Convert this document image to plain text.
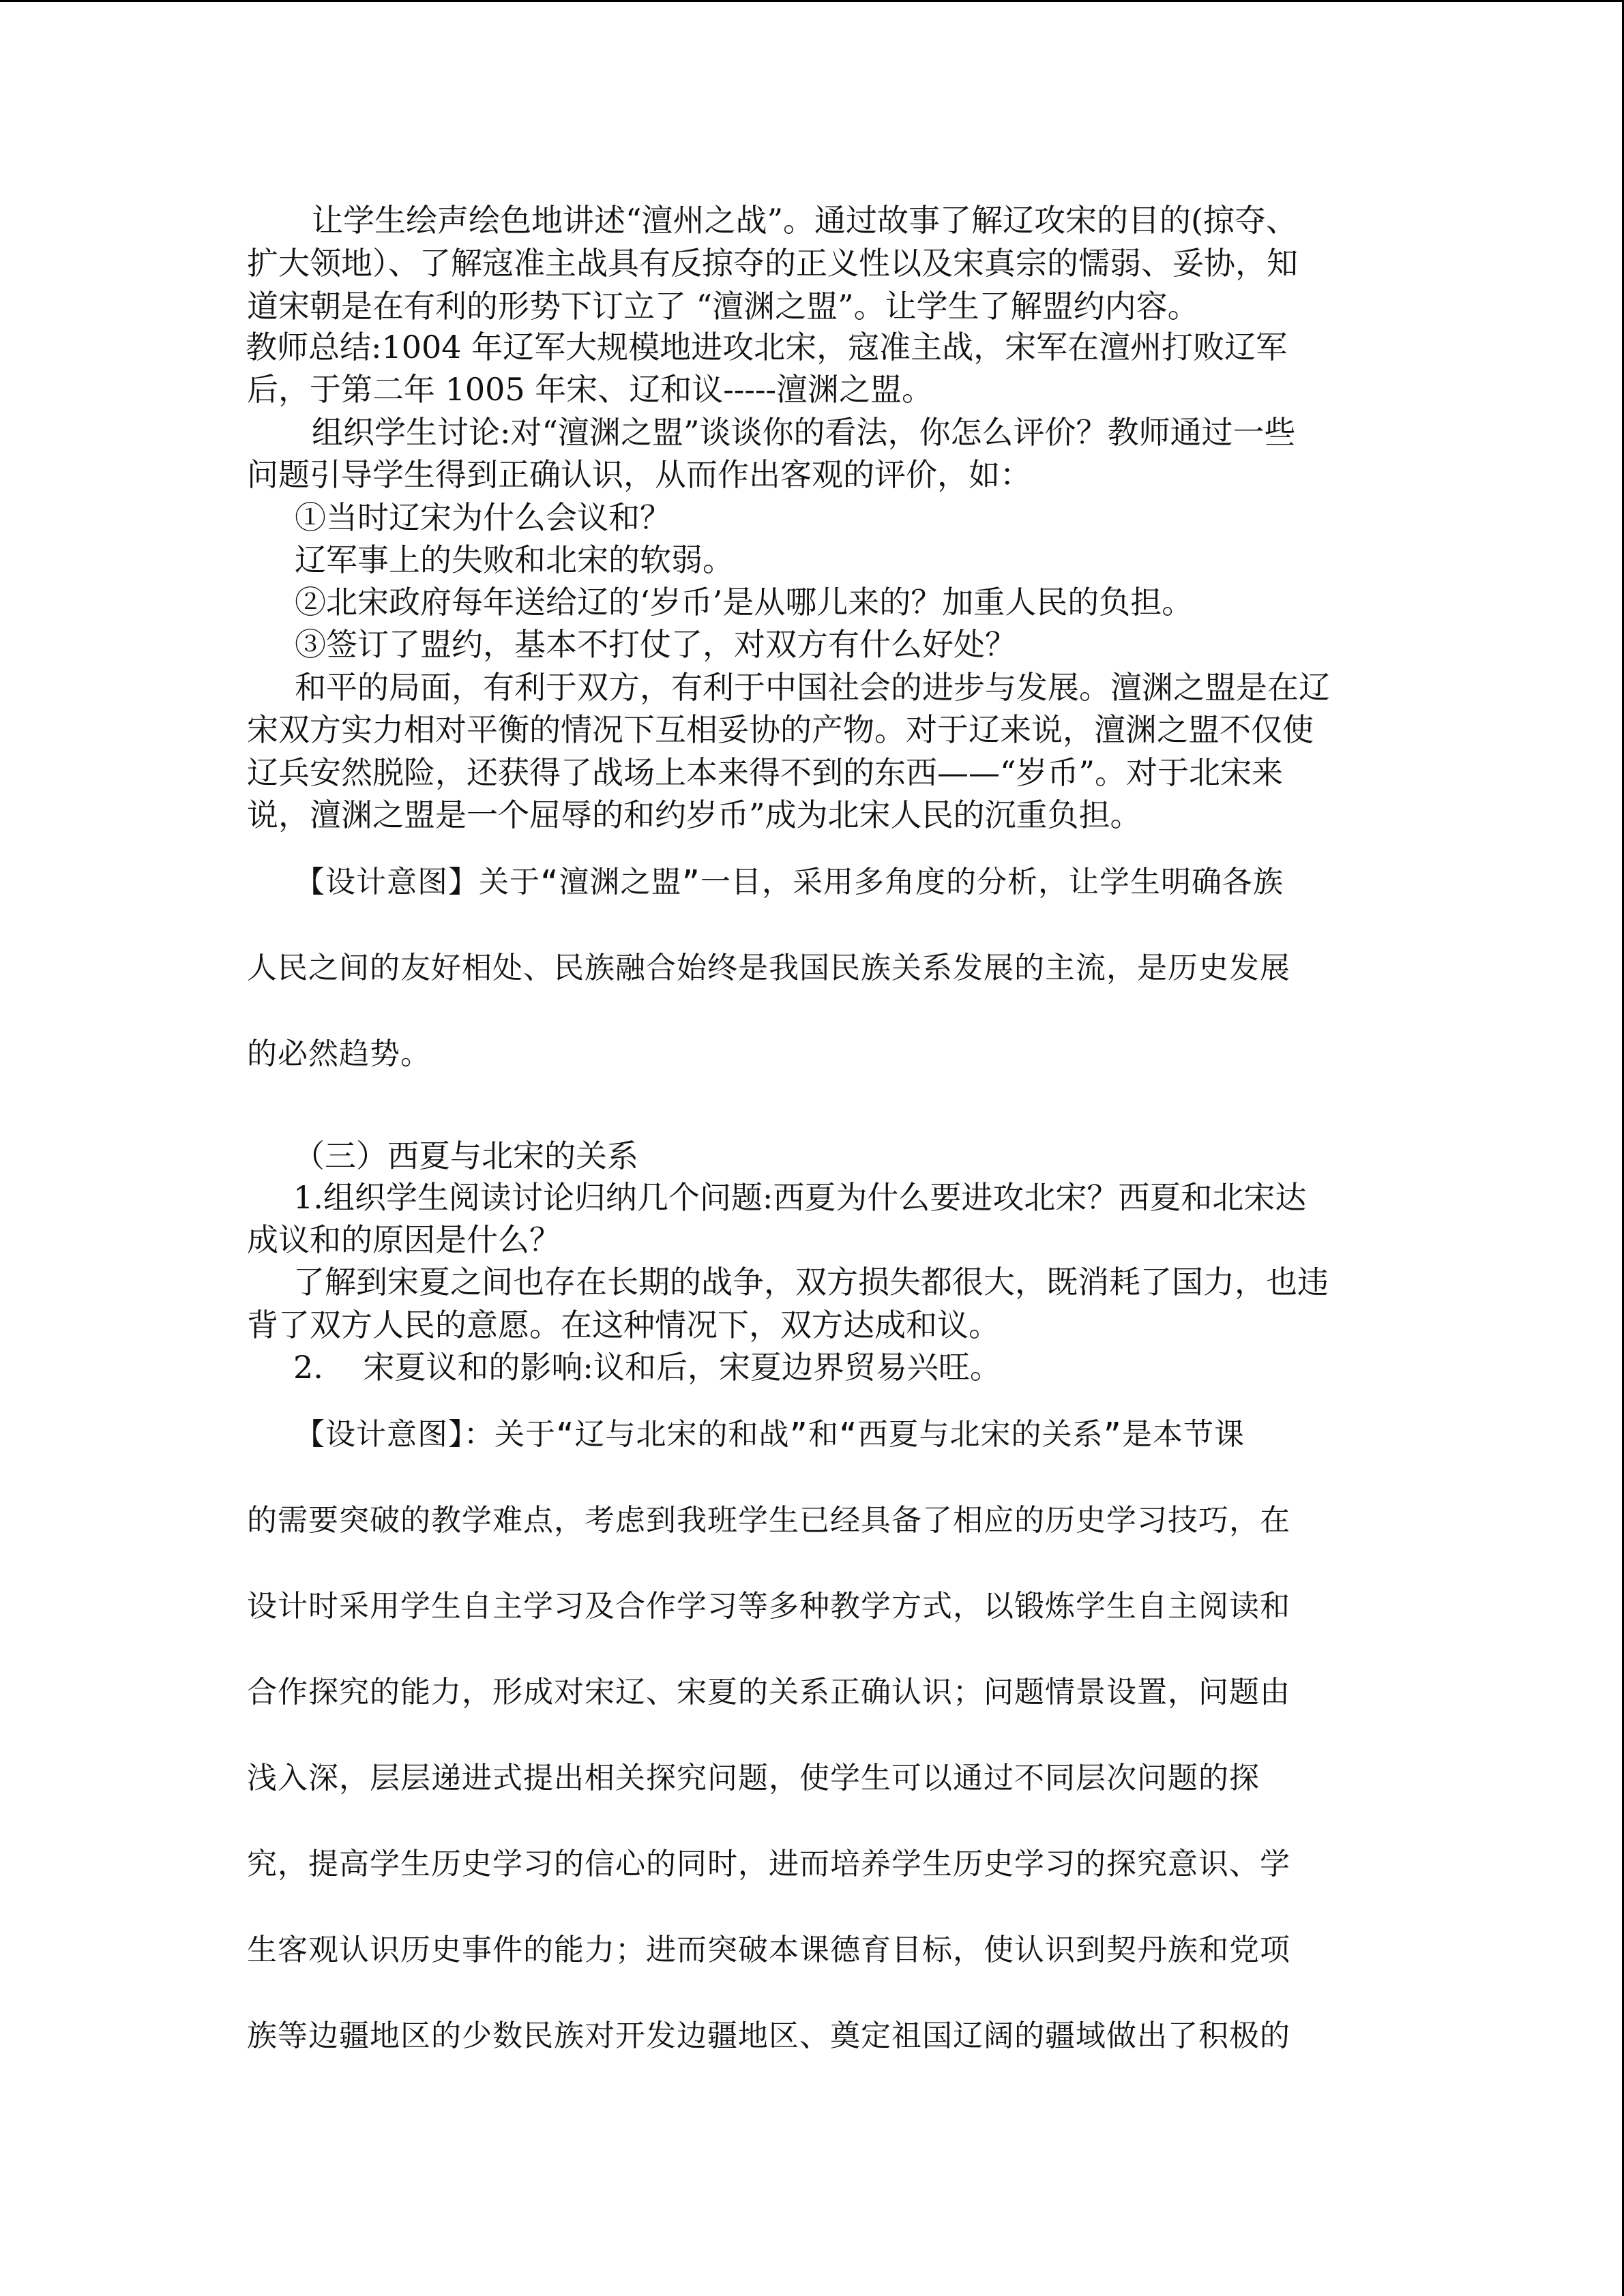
让学生绘声绘色地讲述“澶州之战”。通过故事了解辽攻宋的目的(掠夺、
扩大领地）、了解寇准主战具有反掠夺的正义性以及宋真宗的懦弱、妥协，知
道宋朝是在有利的形势下订立了 “澶渊之盟”。让学生了解盟约内容。
教师总结:1004 年辽军大规模地进攻北宋，寇准主战，宋军在澶州打败辽军
后，于第二年 1005 年宋、辽和议-----澶渊之盟。
组织学生讨论:对“澶渊之盟”谈谈你的看法，你怎么评价？教师通过一些
问题引导学生得到正确认识，从而作出客观的评价，如：
①当时辽宋为什么会议和？
辽军事上的失败和北宋的软弱。
②北宋政府每年送给辽的‘岁币’是从哪儿来的？加重人民的负担。
③签订了盟约，基本不打仗了，对双方有什么好处？
和平的局面，有利于双方，有利于中国社会的进步与发展。澶渊之盟是在辽
宋双方实力相对平衡的情况下互相妥协的产物。对于辽来说，澶渊之盟不仅使
辽兵安然脱险，还获得了战场上本来得不到的东西——“岁币”。对于北宋来
说，澶渊之盟是一个屈辱的和约岁币”成为北宋人民的沉重负担。
【设计意图】关于“澶渊之盟”一目，采用多角度的分析，让学生明确各族
人民之间的友好相处、民族融合始终是我国民族关系发展的主流，是历史发展
的必然趋势。
（三）西夏与北宋的关系
1.组织学生阅读讨论归纳几个问题:西夏为什么要进攻北宋？西夏和北宋达
成议和的原因是什么？
了解到宋夏之间也存在长期的战争，双方损失都很大，既消耗了国力，也违
背了双方人民的意愿。在这种情况下，双方达成和议。
2.    宋夏议和的影响:议和后，宋夏边界贸易兴旺。
【设计意图】：关于“辽与北宋的和战”和“西夏与北宋的关系”是本节课
的需要突破的教学难点，考虑到我班学生已经具备了相应的历史学习技巧，在
设计时采用学生自主学习及合作学习等多种教学方式，以锻炼学生自主阅读和
合作探究的能力，形成对宋辽、宋夏的关系正确认识；问题情景设置，问题由
浅入深，层层递进式提出相关探究问题，使学生可以通过不同层次问题的探
究，提高学生历史学习的信心的同时，进而培养学生历史学习的探究意识、学
生客观认识历史事件的能力；进而突破本课德育目标，使认识到契丹族和党项
族等边疆地区的少数民族对开发边疆地区、奠定祖国辽阔的疆域做出了积极的
